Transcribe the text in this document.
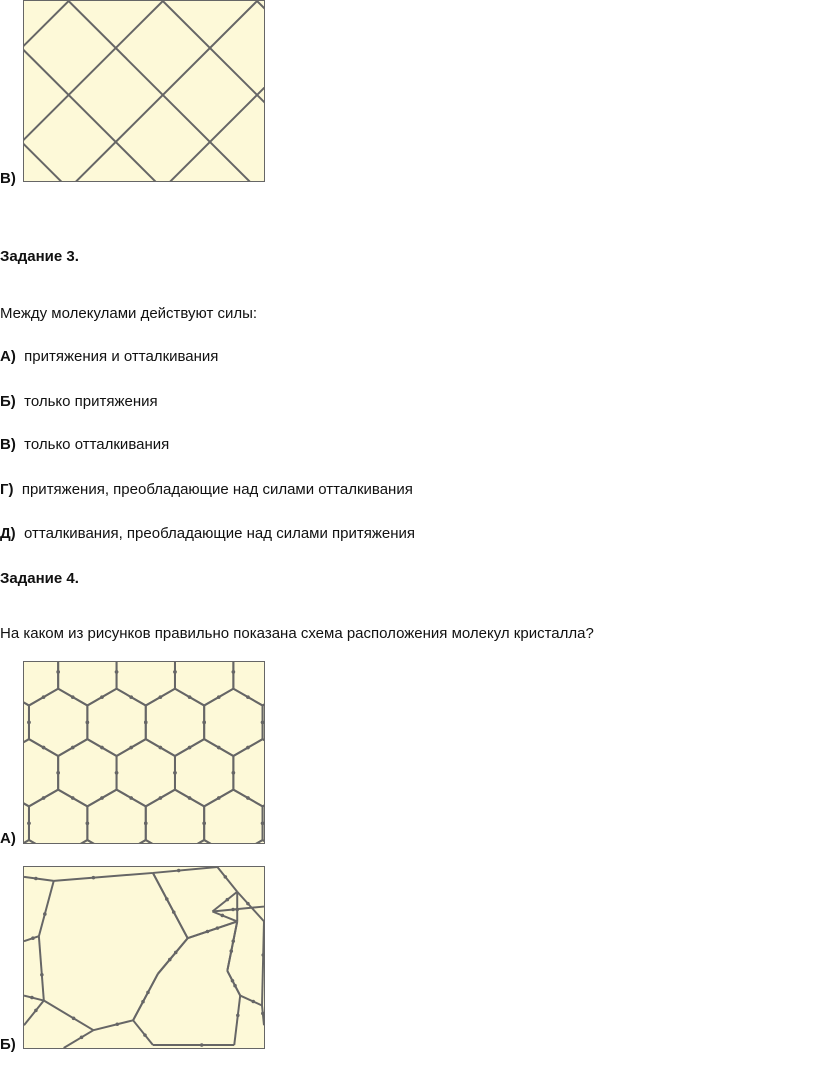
В)
Задание 3.
Между молекулами действуют силы:
А) притяжения и отталкивания
Б) только притяжения
В) только отталкивания
Г) притяжения, преобладающие над силами отталкивания
Д) отталкивания, преобладающие над силами притяжения
Задание 4.
На каком из рисунков правильно показана схема расположения молекул кристалла?
А)
Б)
